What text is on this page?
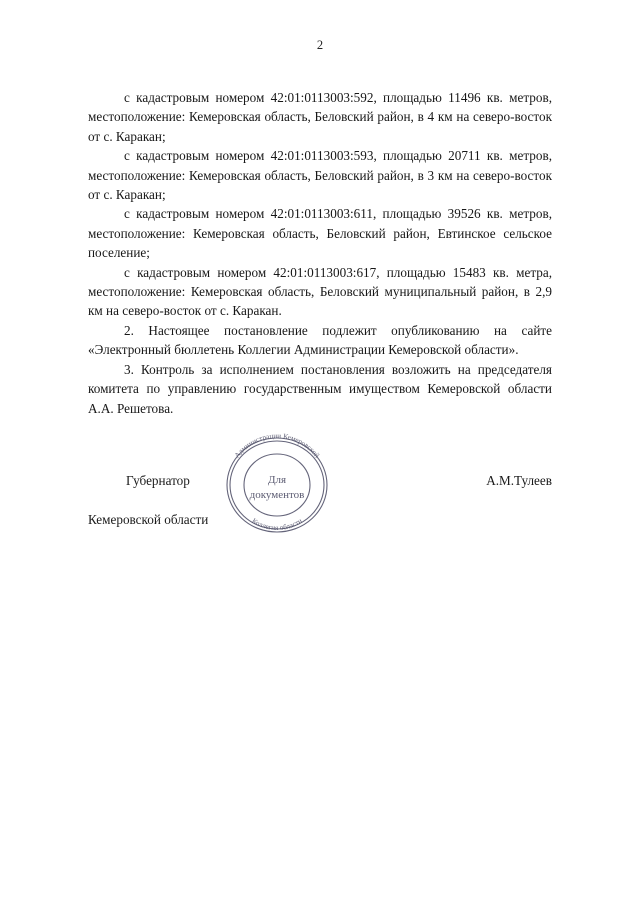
2

с кадастровым номером 42:01:0113003:592, площадью 11496 кв. метров, местоположение: Кемеровская область, Беловский район, в 4 км на северо-восток от с. Каракан;

с кадастровым номером 42:01:0113003:593, площадью 20711 кв. метров, местоположение: Кемеровская область, Беловский район, в 3 км на северо-восток от с. Каракан;

с кадастровым номером 42:01:0113003:611, площадью 39526 кв. метров, местоположение: Кемеровская область, Беловский район, Евтинское сельское поселение;

с кадастровым номером 42:01:0113003:617, площадью 15483 кв. метра, местоположение: Кемеровская область, Беловский муниципальный район, в 2,9 км на северо-восток от с. Каракан.

2. Настоящее постановление подлежит опубликованию на сайте «Электронный бюллетень Коллегии Администрации Кемеровской области».

3. Контроль за исполнением постановления возложить на председателя комитета по управлению государственным имуществом Кемеровской области А.А. Решетова.

Губернатор

Кемеровской области

А.М.Тулеев
Администрации Кемеровской
Коллегия области
Для
документов
